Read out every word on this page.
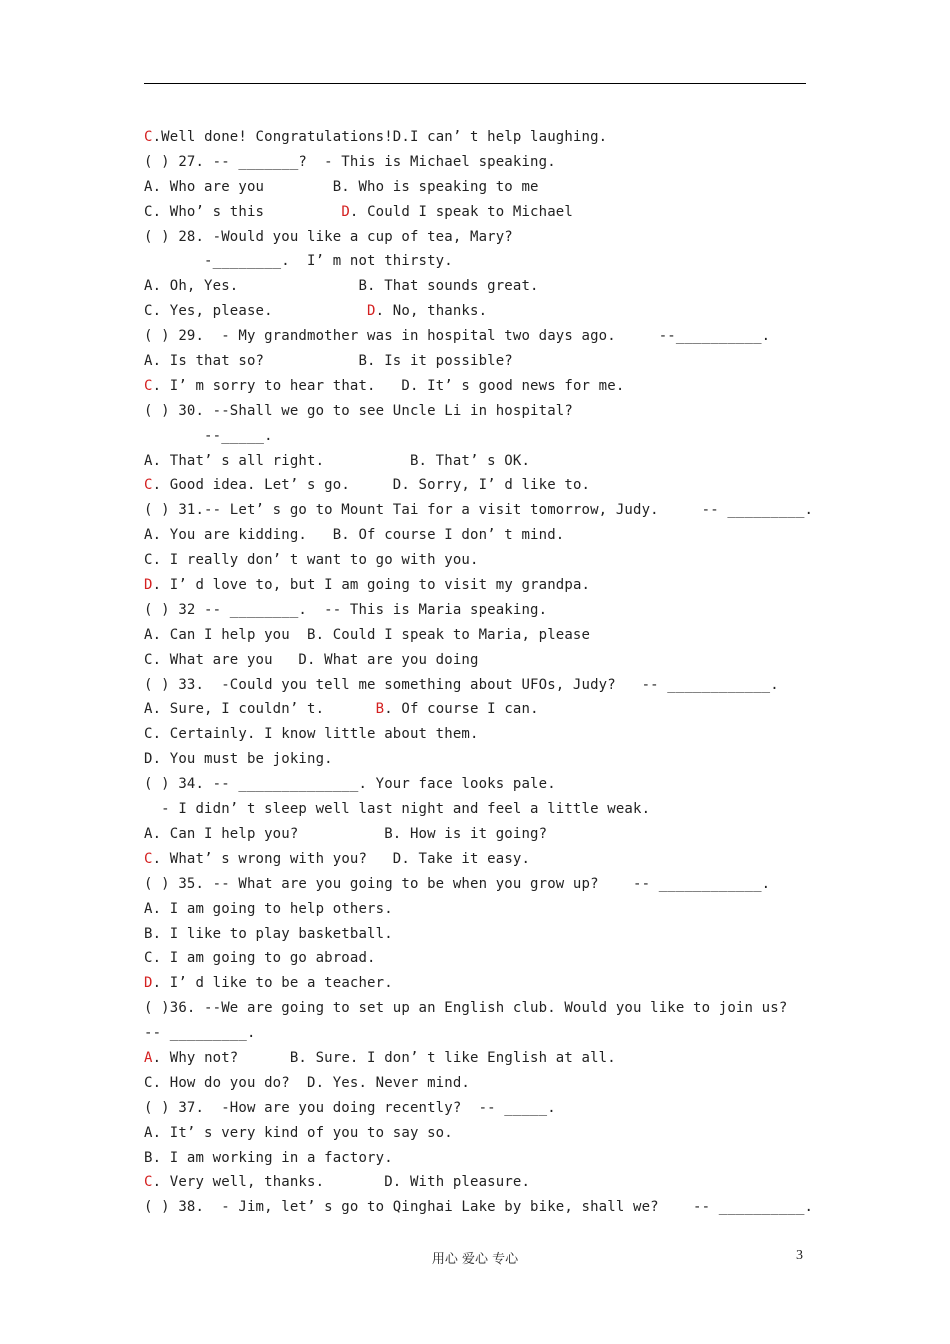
C.Well done! Congratulations!D.I can’ t help laughing.
( ) 27. -- _______?  - This is Michael speaking.
A. Who are you        B. Who is speaking to me
C. Who’ s this         D. Could I speak to Michael
( ) 28. -Would you like a cup of tea, Mary?
-________.  I’ m not thirsty.
A. Oh, Yes.              B. That sounds great.
C. Yes, please.           D. No, thanks.
( ) 29.  - My grandmother was in hospital two days ago.     --__________.
A. Is that so?           B. Is it possible?
C. I’ m sorry to hear that.   D. It’ s good news for me.
( ) 30. --Shall we go to see Uncle Li in hospital?
--_____.
A. That’ s all right.          B. That’ s OK.
C. Good idea. Let’ s go.     D. Sorry, I’ d like to.
( ) 31.-- Let’ s go to Mount Tai for a visit tomorrow, Judy.     -- _________.
A. You are kidding.   B. Of course I don’ t mind.
C. I really don’ t want to go with you.
D. I’ d love to, but I am going to visit my grandpa.
( ) 32 -- ________.  -- This is Maria speaking.
A. Can I help you  B. Could I speak to Maria, please
C. What are you   D. What are you doing
( ) 33.  -Could you tell me something about UFOs, Judy?   -- ____________.
A. Sure, I couldn’ t.      B. Of course I can.
C. Certainly. I know little about them.
D. You must be joking.
( ) 34. -- ______________. Your face looks pale.
- I didn’ t sleep well last night and feel a little weak.
A. Can I help you?          B. How is it going?
C. What’ s wrong with you?   D. Take it easy.
( ) 35. -- What are you going to be when you grow up?    -- ____________.
A. I am going to help others.
B. I like to play basketball.
C. I am going to go abroad.
D. I’ d like to be a teacher.
( )36. --We are going to set up an English club. Would you like to join us?
-- _________.
A. Why not?      B. Sure. I don’ t like English at all.
C. How do you do?  D. Yes. Never mind.
( ) 37.  -How are you doing recently?  -- _____.
A. It’ s very kind of you to say so.
B. I am working in a factory.
C. Very well, thanks.       D. With pleasure.
( ) 38.  - Jim, let’ s go to Qinghai Lake by bike, shall we?    -- __________.
用心 爱心 专心	3
